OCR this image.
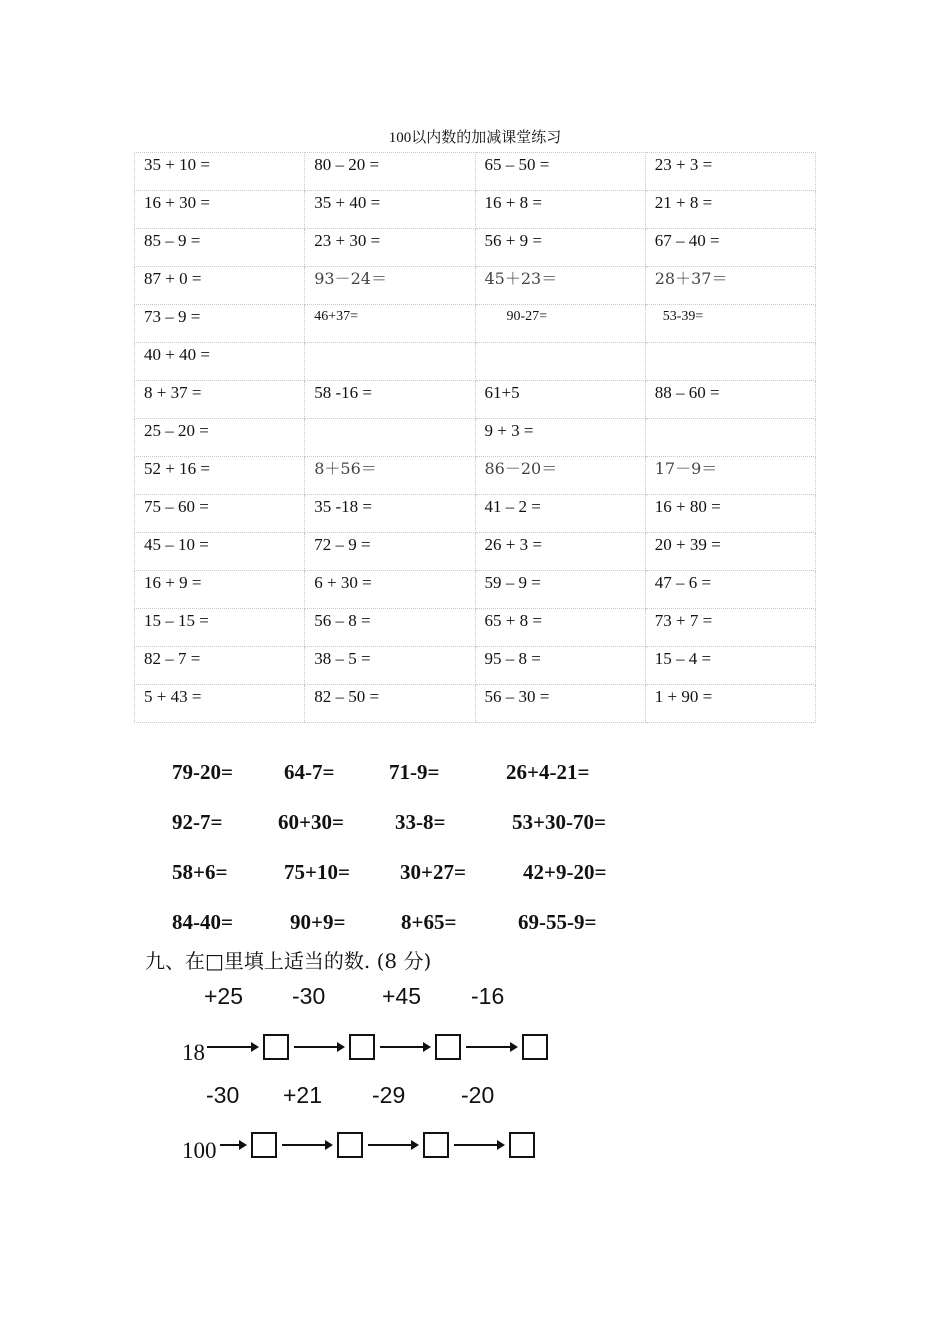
100以内数的加减课堂练习
35 + 10 =	80 – 20 =	65 – 50 =	23 + 3 =
16 + 30 =	35 + 40 =	16 + 8 =	21 + 8 =
85 – 9 =	23 + 30 =	56 + 9 =	67 – 40 =
87 + 0 =	93－24＝	45＋23＝	28＋37＝
73 – 9 =	46+37=	90-27=	53-39=
40 + 40 =			
8 + 37 =	58 -16 =	61+5	88 – 60 =
25 – 20 =		9 + 3 =	
52 + 16 =	8＋56＝	86－20＝	17－9＝
75 – 60 =	35 -18 =	41 – 2 =	16 + 80 =
45 – 10 =	72 – 9 =	26 + 3 =	20 + 39 =
16 + 9 =	6 + 30 =	59 – 9 =	47 – 6 =
15 – 15 =	56 – 8 =	65 + 8 =	73 + 7 =
82 – 7 =	38 – 5 =	95 – 8 =	15 – 4 =
5 + 43 =	82 – 50 =	56 – 30 =	1 + 90 =
79-20= 64-7=	71-9=	26+4-21=
92-7=	60+30= 33-8=	53+30-70=
58+6=	75+10= 30+27=	42+9-20=
84-40=	90+9=	8+65=	69-55-9=
九、在□里填上适当的数. (8 分)
+25 -30 +45 -16
18
-30 +21 -29 -20
100
